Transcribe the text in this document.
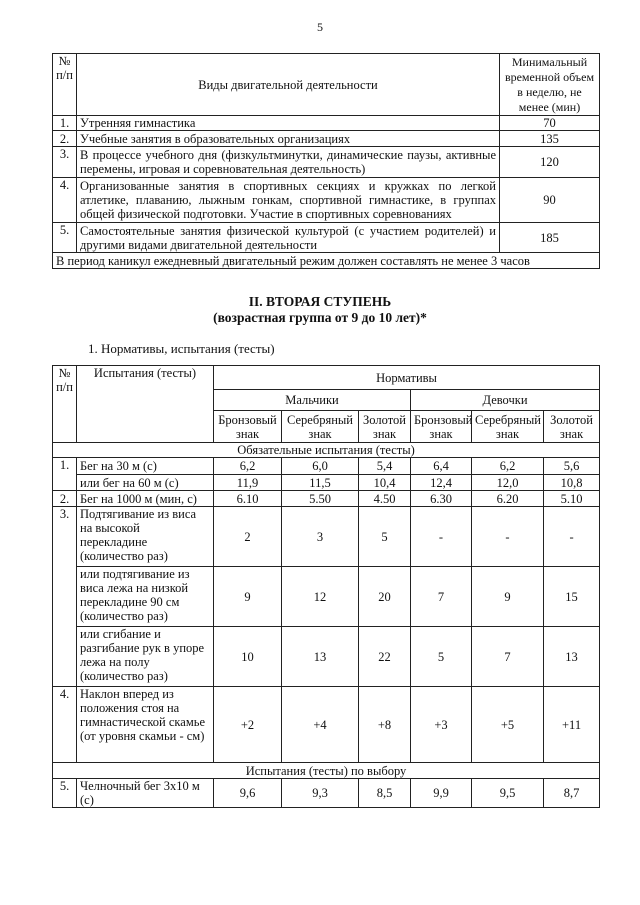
5
№ п/п	Виды двигательной деятельности	Минимальный временной объем в неделю, не менее (мин)
1.	Утренняя гимнастика	70
2.	Учебные занятия в образовательных организациях	135
3.	В процессе учебного дня (физкультминутки, динамические паузы, активные перемены, игровая и соревновательная деятельность)	120
4.	Организованные занятия в спортивных секциях и кружках по легкой атлетике, плаванию, лыжным гонкам, спортивной гимнастике, в группах общей физической подготовки. Участие в спортивных соревнованиях	90
5.	Самостоятельные занятия физической культурой (с участием родителей) и другими видами двигательной деятельности	185
В период каникул ежедневный двигательный режим должен составлять не менее 3 часов		
II. ВТОРАЯ СТУПЕНЬ
(возрастная группа от 9 до 10 лет)*
1. Нормативы, испытания (тесты)
№ п/п	Испытания (тесты)	Нормативы					
		Мальчики			Девочки		
		Бронзовый знак	Серебряный знак	Золотой знак	Бронзовый знак	Серебряный знак	Золотой знак
Обязательные испытания (тесты)							
1.	Бег на 30 м (с)	6,2	6,0	5,4	6,4	6,2	5,6
	или бег на 60 м (с)	11,9	11,5	10,4	12,4	12,0	10,8
2.	Бег на 1000 м (мин, с)	6.10	5.50	4.50	6.30	6.20	5.10
3.	Подтягивание из виса на высокой перекладине (количество раз)	2	3	5	-	-	-
	или подтягивание из виса лежа на низкой перекладине 90 см (количество раз)	9	12	20	7	9	15
	или сгибание и разгибание рук в упоре лежа на полу (количество раз)	10	13	22	5	7	13
4.	Наклон вперед из положения стоя на гимнастической скамье (от уровня скамьи - см)	+2	+4	+8	+3	+5	+11
Испытания (тесты) по выбору							
5.	Челночный бег 3х10 м (с)	9,6	9,3	8,5	9,9	9,5	8,7
